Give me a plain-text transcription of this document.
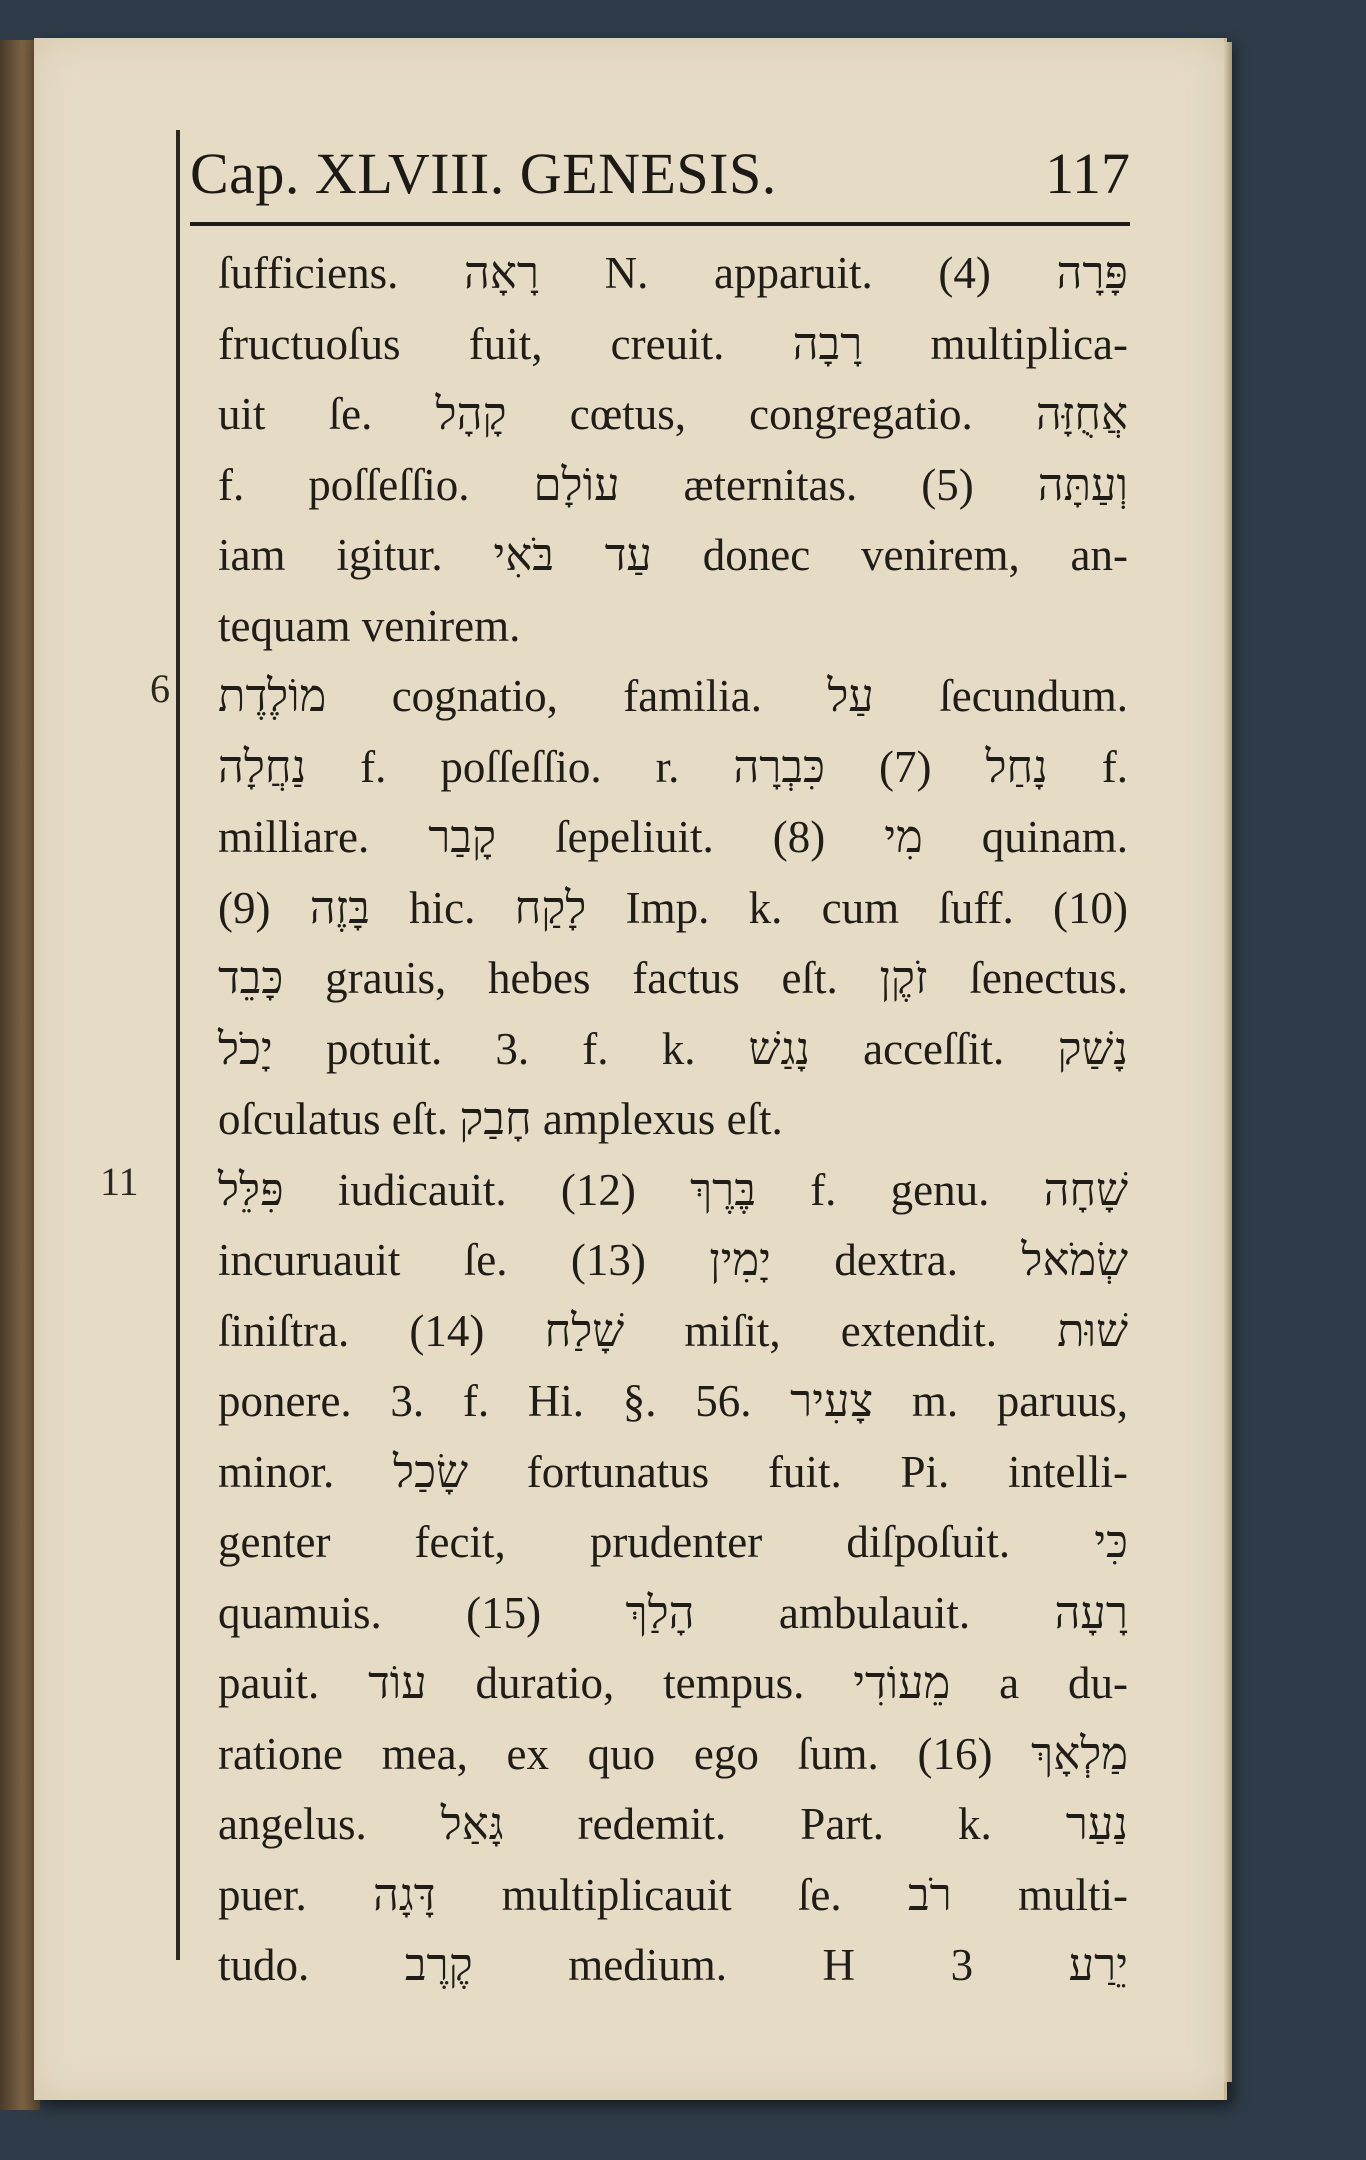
Cap. XLVIII. GENESIS.	117
6
11
ſufficiens. רָאָה N. apparuit. (4) פָּרָה
fructuoſus fuit, creuit. רָבָה multiplica-
uit ſe. קָהָל cœtus, congregatio. אֲחֻזָּה
f. poſſeſſio. עוֹלָם æternitas. (5) וְעַתָּה
iam igitur. עַד בֹּאִי donec venirem, an-
tequam venirem.
מוֹלֶדֶת cognatio, familia. עַל ſecundum.
נַחֲלָה f. poſſeſſio. r. נָחַל (7) כִּבְרָה f.
milliare. קָבַר ſepeliuit. (8) מִי quinam.
(9) בָּזֶה hic. לָקַח Imp. k. cum ſuff. (10)
כָּבֵד grauis, hebes factus eſt. זֹקֶן ſenectus.
יָכֹל potuit. 3. f. k. נָגַשׁ acceſſit. נָשַׁק
oſculatus eſt. חָבַק amplexus eſt.
פִּלֵּל iudicauit. (12) בֶּרֶךְ f. genu. שָׁחָה
incuruauit ſe. (13) יָמִין dextra. שְׂמֹאל
ſiniſtra. (14) שָׁלַח miſit, extendit. שׁוּת
ponere. 3. f. Hi. §. 56. צָעִיר m. paruus,
minor. שָׂכַל fortunatus fuit. Pi. intelli-
genter fecit, prudenter diſpoſuit. כִּי
quamuis. (15) הָלַךְ ambulauit. רָעָה
pauit. עוֹד duratio, tempus. מֵעוֹדִי a du-
ratione mea, ex quo ego ſum. (16) מַלְאָךְ
angelus. גָּאַל redemit. Part. k. נַעַר
puer. דָּגָה multiplicauit ſe. רֹב multi-
tudo. קֶרֶב medium. H 3 יֵרַע
